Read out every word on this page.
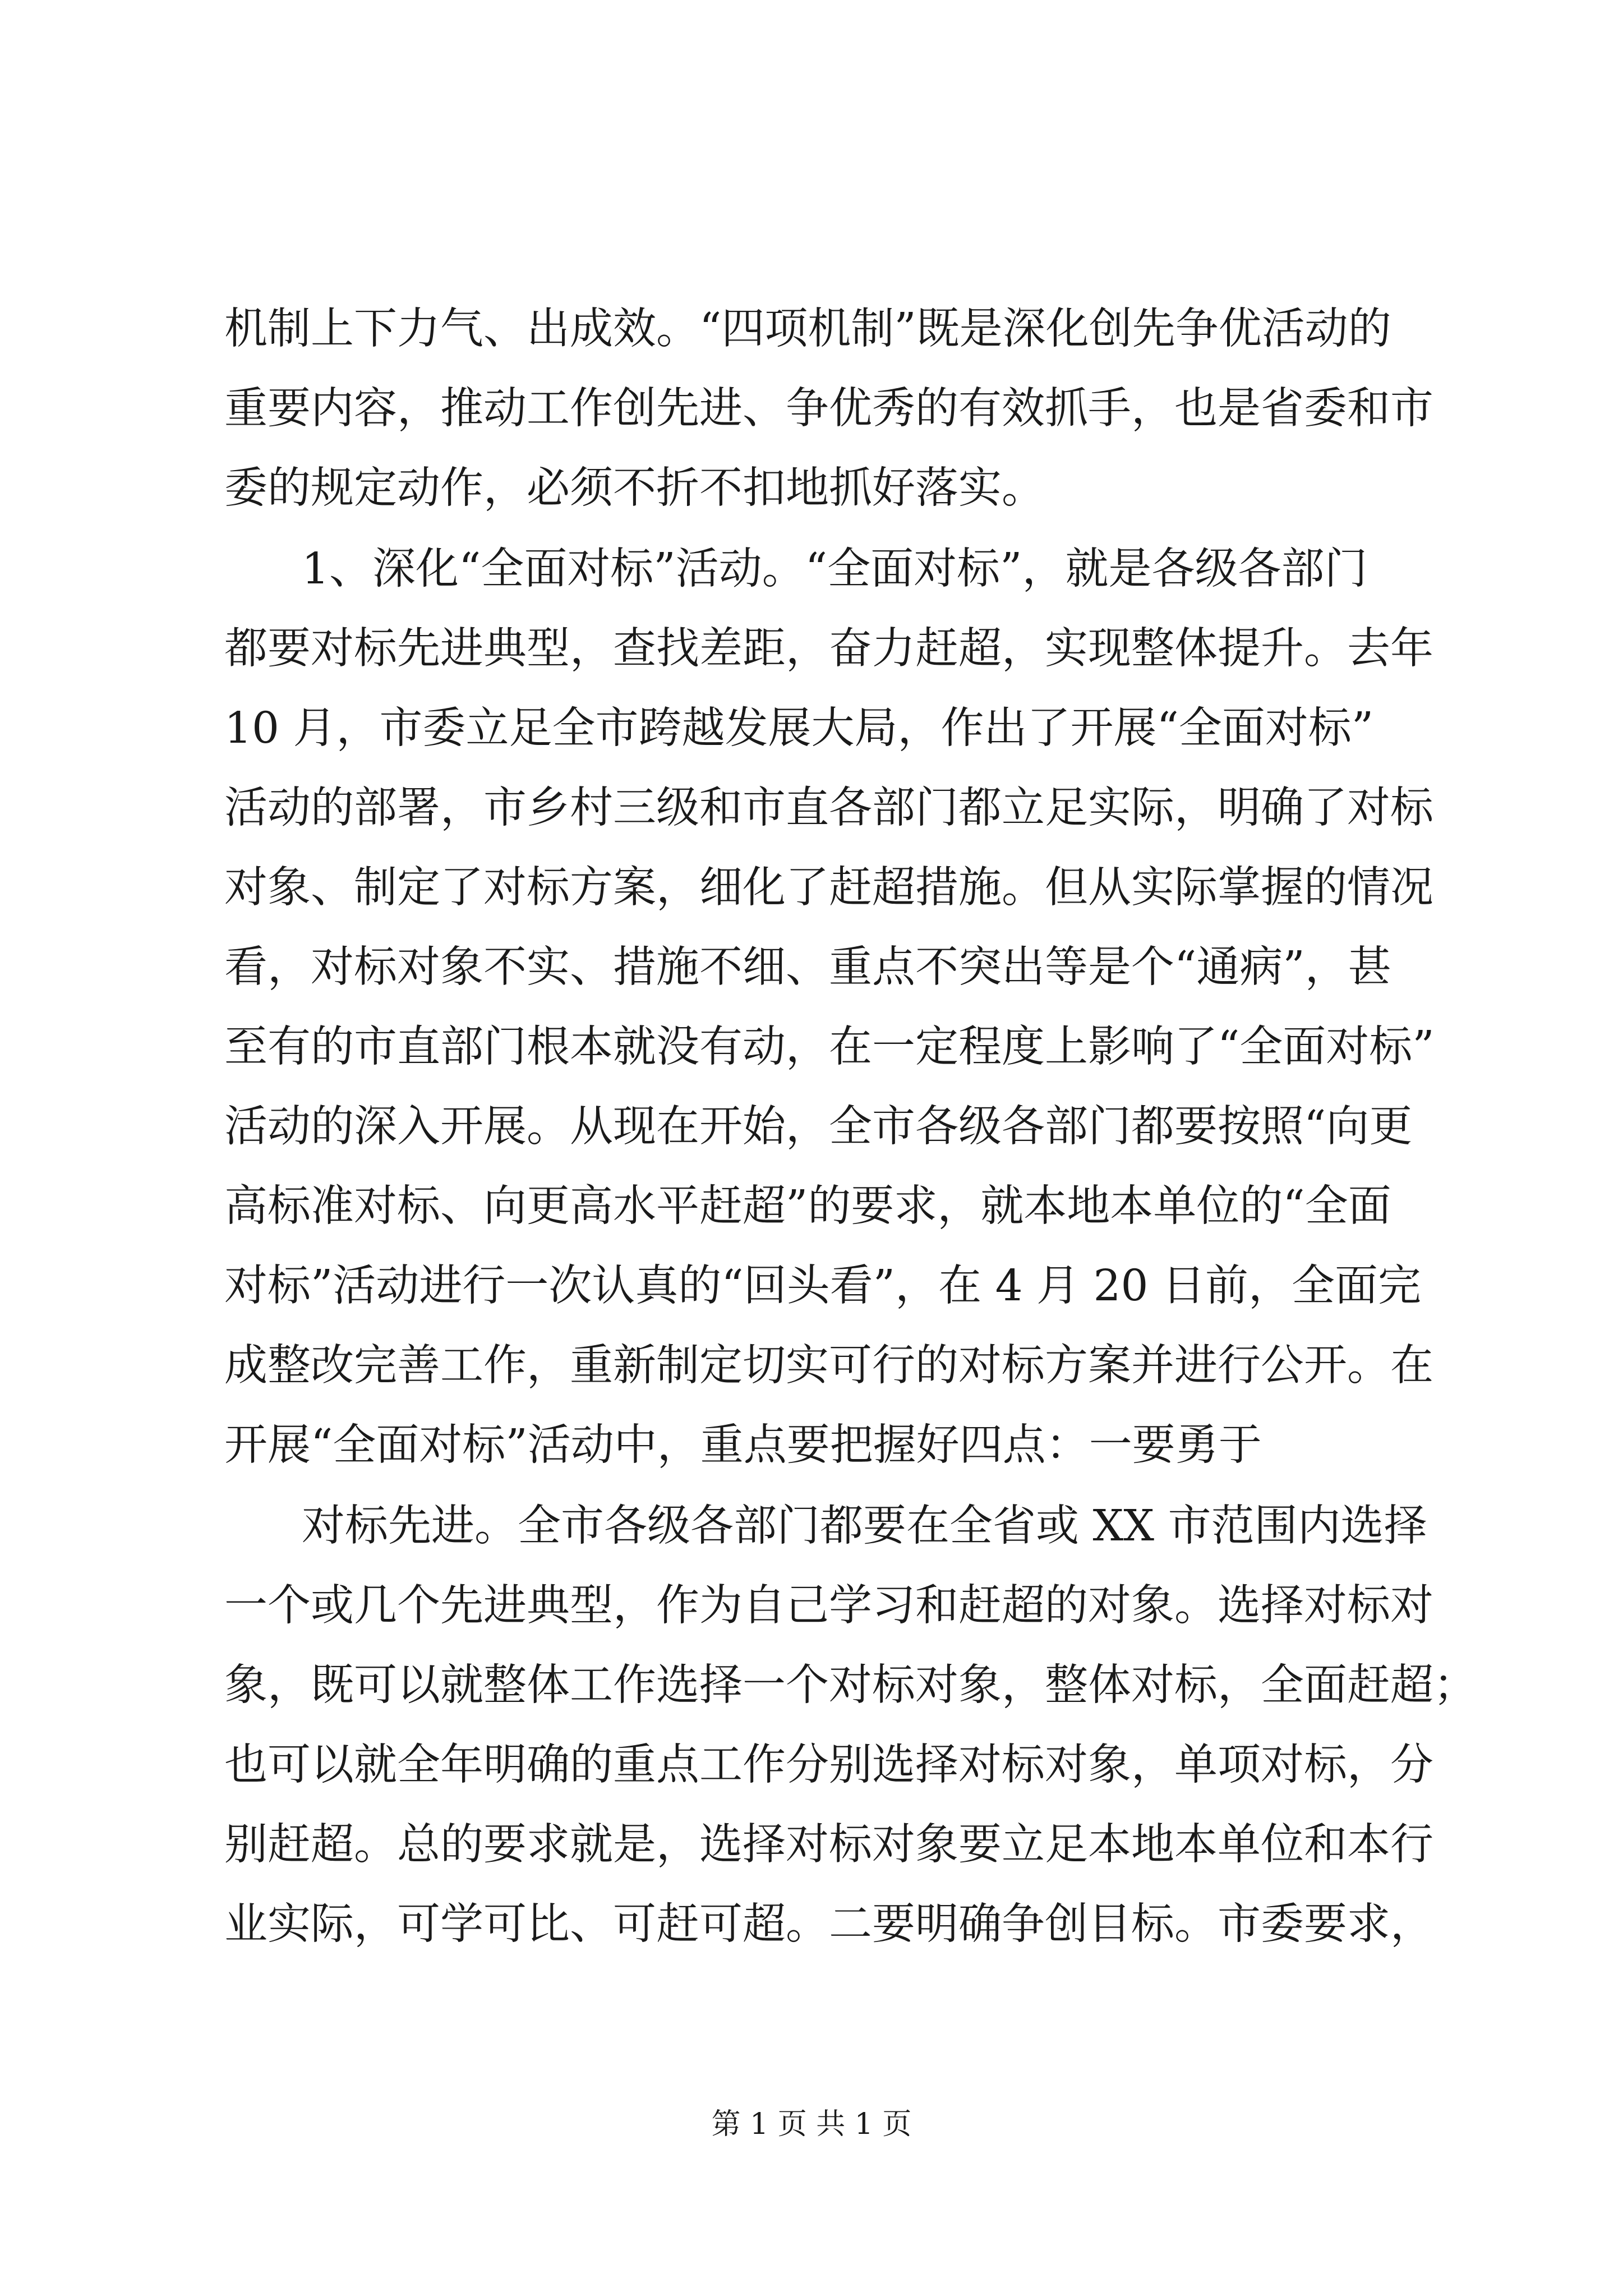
机制上下力气、出成效。“四项机制”既是深化创先争优活动的
重要内容，推动工作创先进、争优秀的有效抓手，也是省委和市
委的规定动作，必须不折不扣地抓好落实。
1、深化“全面对标”活动。“全面对标”，就是各级各部门
都要对标先进典型，查找差距，奋力赶超，实现整体提升。去年
10 月，市委立足全市跨越发展大局，作出了开展“全面对标”
活动的部署，市乡村三级和市直各部门都立足实际，明确了对标
对象、制定了对标方案，细化了赶超措施。但从实际掌握的情况
看，对标对象不实、措施不细、重点不突出等是个“通病”，甚
至有的市直部门根本就没有动，在一定程度上影响了“全面对标”
活动的深入开展。从现在开始，全市各级各部门都要按照“向更
高标准对标、向更高水平赶超”的要求，就本地本单位的“全面
对标”活动进行一次认真的“回头看”，在 4 月 20 日前，全面完
成整改完善工作，重新制定切实可行的对标方案并进行公开。在
开展“全面对标”活动中，重点要把握好四点：一要勇于
对标先进。全市各级各部门都要在全省或 XX 市范围内选择
一个或几个先进典型，作为自己学习和赶超的对象。选择对标对
象，既可以就整体工作选择一个对标对象，整体对标，全面赶超；
也可以就全年明确的重点工作分别选择对标对象，单项对标，分
别赶超。总的要求就是，选择对标对象要立足本地本单位和本行
业实际，可学可比、可赶可超。二要明确争创目标。市委要求，
第 1 页 共 1 页
